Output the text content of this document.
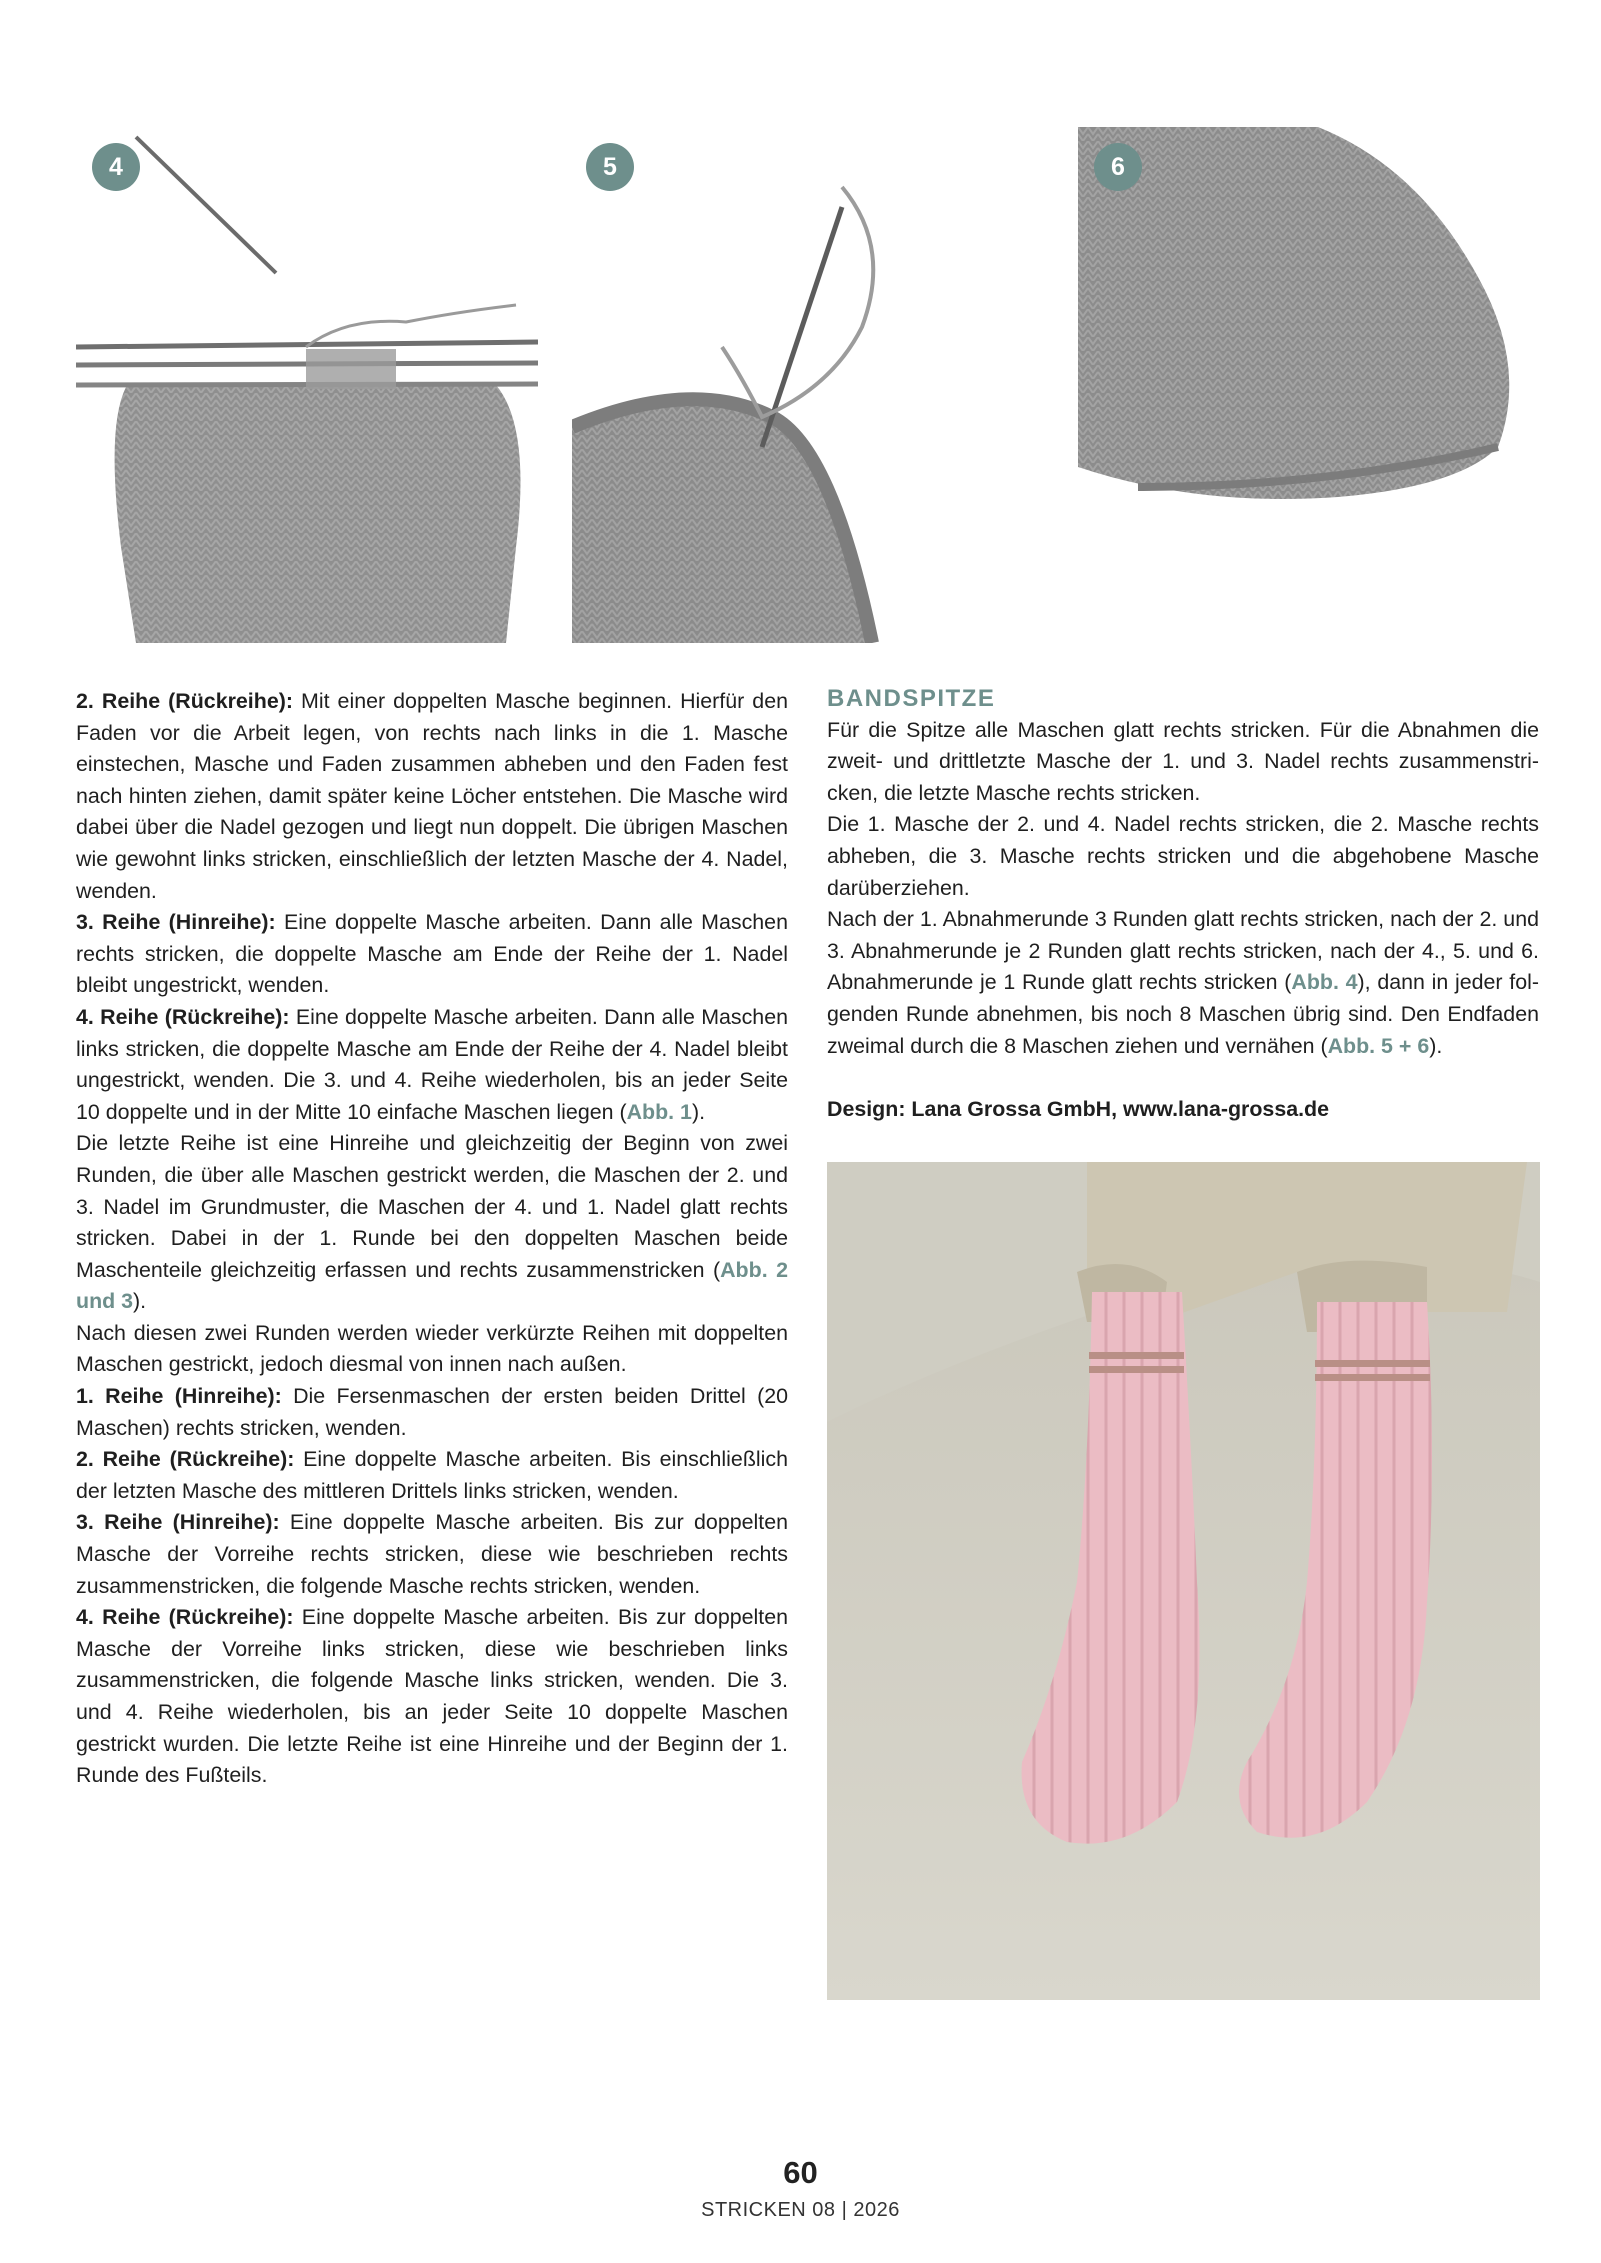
4	5	6

2. Reihe (Rückreihe): Mit einer doppelten Masche beginnen. Hierfür den Faden vor die Arbeit legen, von rechts nach links in die 1. Masche einstechen, Masche und Faden zusammen abheben und den Faden fest nach hinten ziehen, damit später keine Löcher entstehen. Die Masche wird dabei über die Nadel gezogen und liegt nun doppelt. Die übrigen Maschen wie gewohnt links stricken, einschließlich der letzten Masche der 4. Nadel, wenden.

3. Reihe (Hinreihe): Eine doppelte Masche arbeiten. Dann alle Maschen rechts stricken, die doppelte Masche am Ende der Reihe der 1. Nadel bleibt ungestrickt, wenden.

4. Reihe (Rückreihe): Eine doppelte Masche arbeiten. Dann alle Maschen links stricken, die doppelte Masche am Ende der Reihe der 4. Nadel bleibt ungestrickt, wenden. Die 3. und 4. Reihe wiederholen, bis an jeder Seite 10 doppelte und in der Mitte 10 einfache Maschen liegen (Abb. 1).

Die letzte Reihe ist eine Hinreihe und gleichzeitig der Beginn von zwei Runden, die über alle Maschen gestrickt werden, die Maschen der 2. und 3. Nadel im Grundmuster, die Maschen der 4. und 1. Nadel glatt rechts stricken. Dabei in der 1. Runde bei den doppelten Maschen beide Maschenteile gleichzeitig erfassen und rechts zusammenstricken (Abb. 2 und 3).

Nach diesen zwei Runden werden wieder verkürzte Reihen mit doppelten Maschen gestrickt, jedoch diesmal von innen nach außen.

1. Reihe (Hinreihe): Die Fersenmaschen der ersten beiden Drittel (20 Maschen) rechts stricken, wenden.

2. Reihe (Rückreihe): Eine doppelte Masche arbeiten. Bis einschließlich der letzten Masche des mittleren Drittels links stricken, wenden.

3. Reihe (Hinreihe): Eine doppelte Masche arbeiten. Bis zur doppelten Masche der Vorreihe rechts stricken, diese wie beschrieben rechts zusammenstricken, die folgende Masche rechts stricken, wenden.

4. Reihe (Rückreihe): Eine doppelte Masche arbeiten. Bis zur doppelten Masche der Vorreihe links stricken, diese wie beschrieben links zusammenstricken, die folgende Masche links stricken, wenden. Die 3. und 4. Reihe wiederholen, bis an jeder Seite 10 doppelte Maschen gestrickt wurden. Die letzte Reihe ist eine Hinreihe und der Beginn der 1. Runde des Fußteils.

BANDSPITZE

Für die Spitze alle Maschen glatt rechts stricken. Für die Abnahmen die zweit- und drittletzte Masche der 1. und 3. Nadel rechts zusammenstricken, die letzte Masche rechts stricken.

Die 1. Masche der 2. und 4. Nadel rechts stricken, die 2. Masche rechts abheben, die 3. Masche rechts stricken und die abgehobene Masche darüberziehen.

Nach der 1. Abnahmerunde 3 Runden glatt rechts stricken, nach der 2. und 3. Abnahmerunde je 2 Runden glatt rechts stricken, nach der 4., 5. und 6. Abnahmerunde je 1 Runde glatt rechts stricken (Abb. 4), dann in jeder folgenden Runde abnehmen, bis noch 8 Maschen übrig sind. Den Endfaden zweimal durch die 8 Maschen ziehen und vernähen (Abb. 5 + 6).

Design: Lana Grossa GmbH, www.lana-grossa.de

60
STRICKEN 08 | 2026
